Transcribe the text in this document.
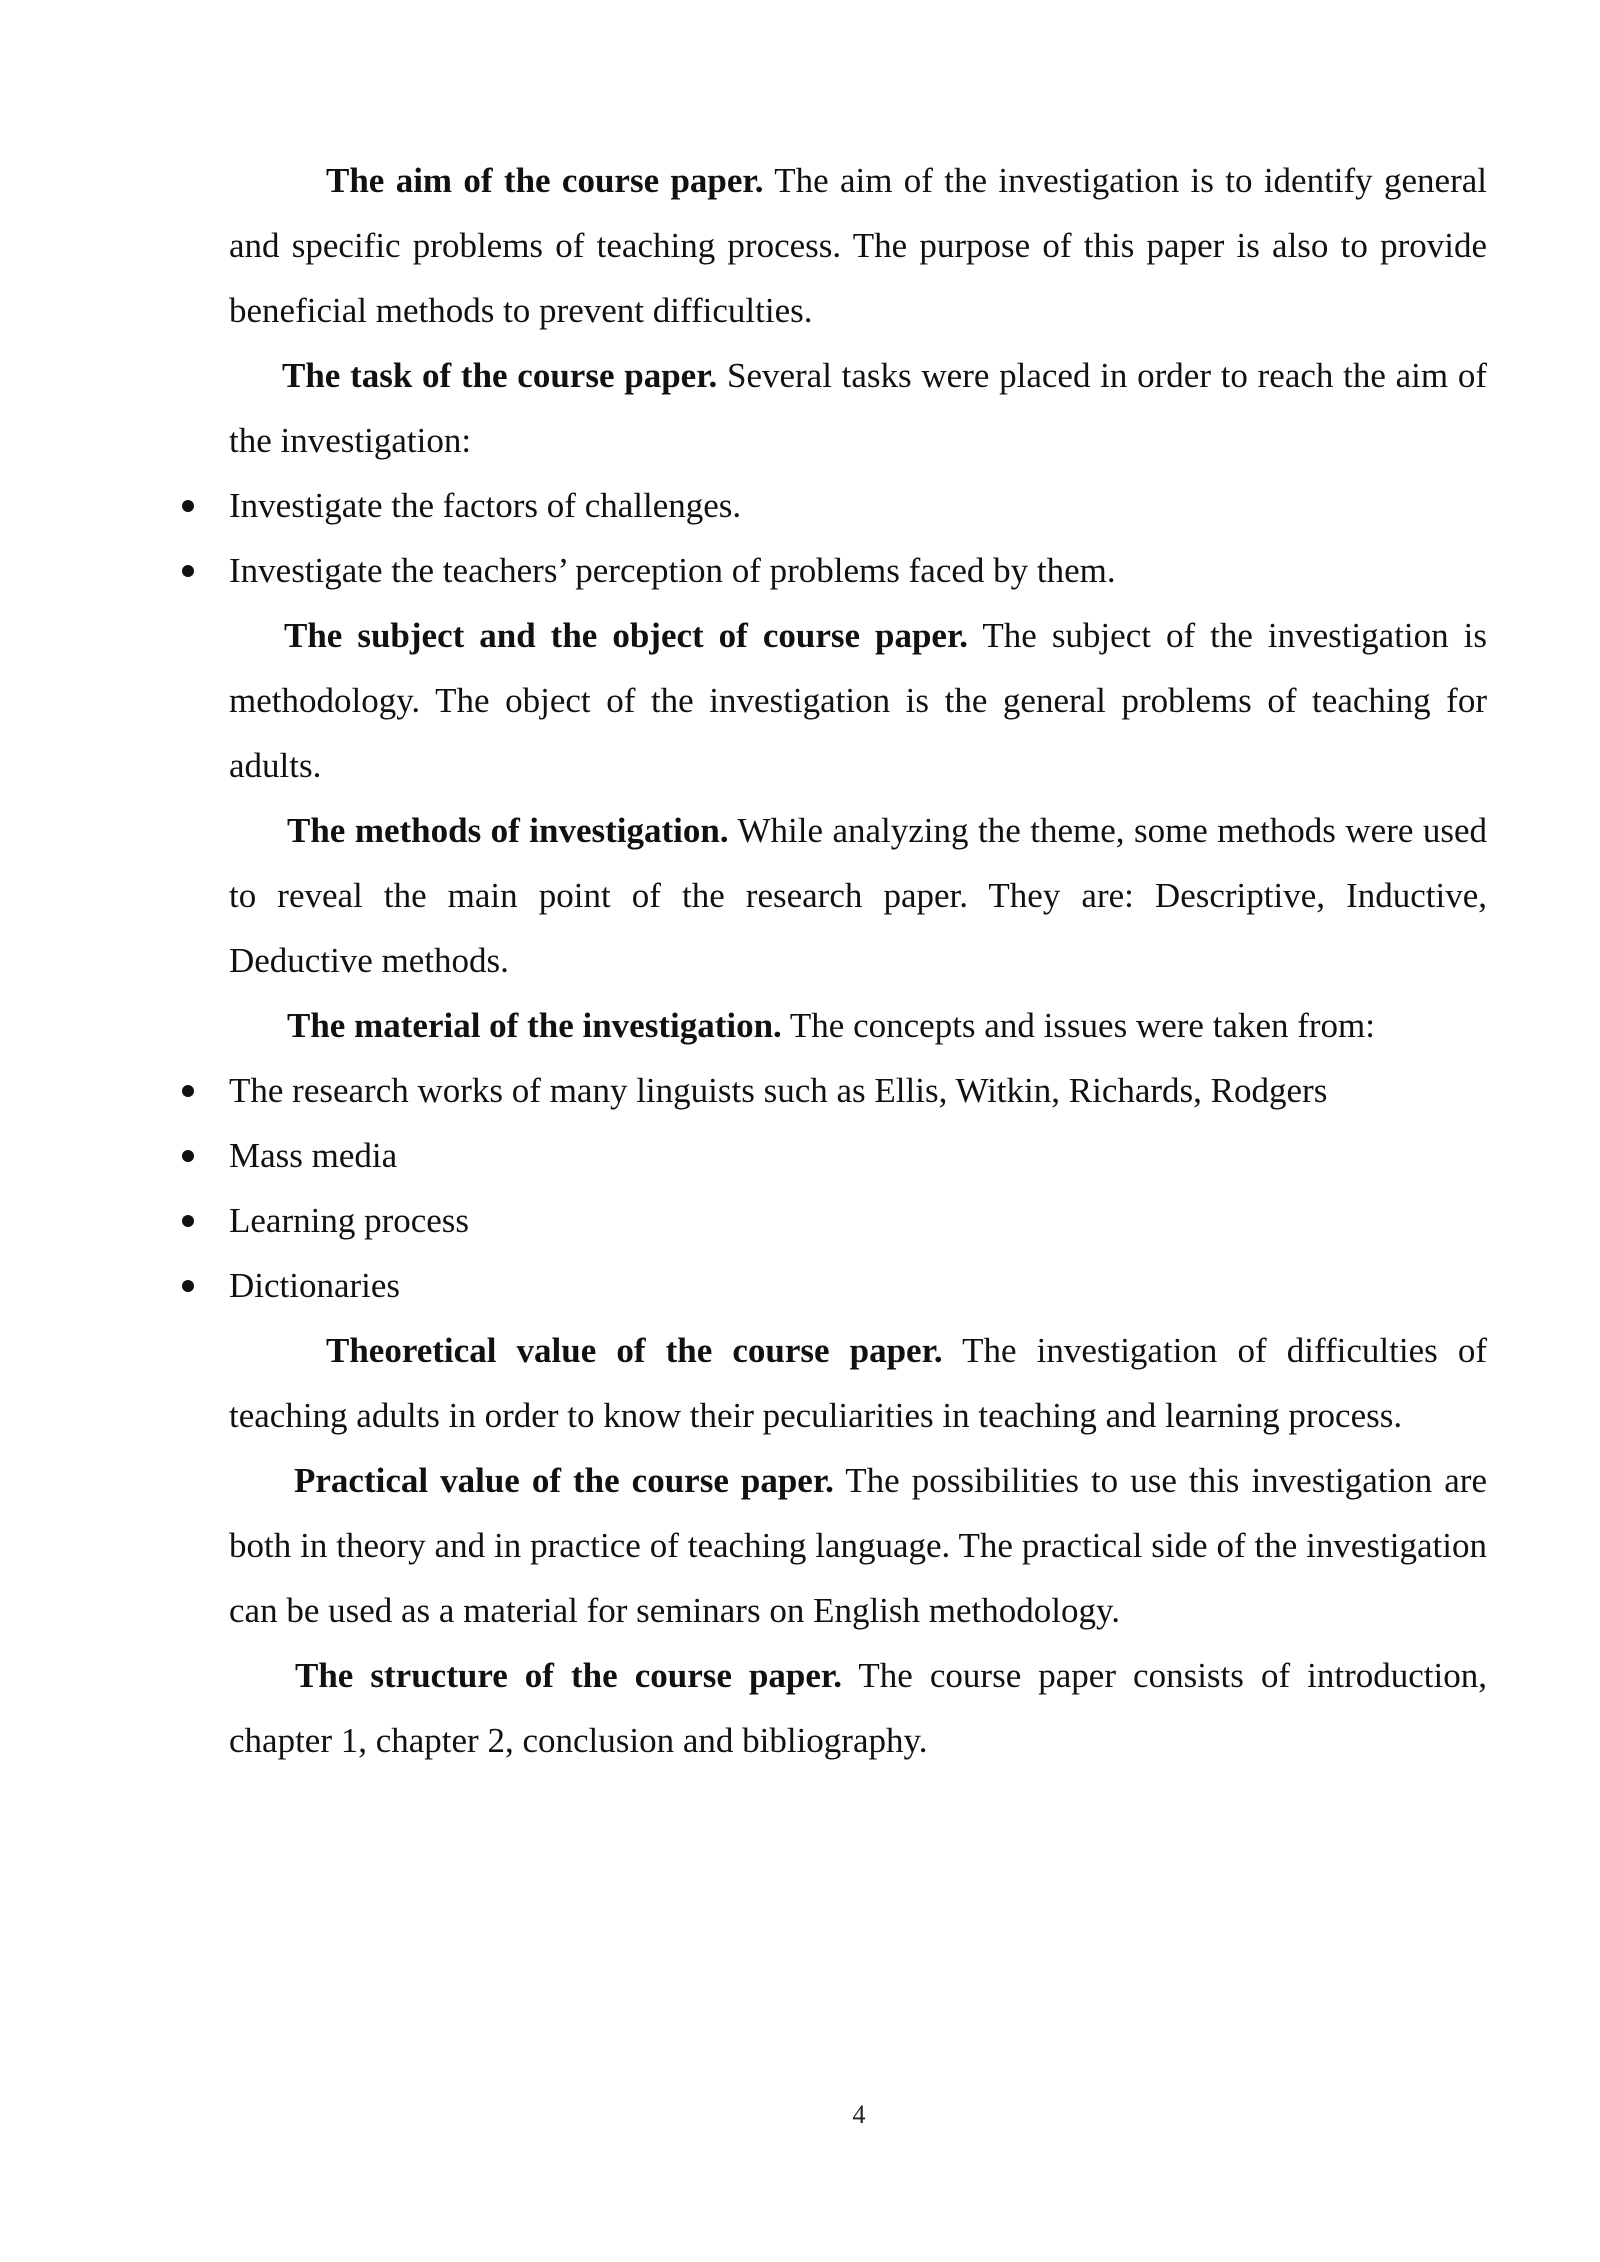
The aim of the course paper. The aim of the investigation is to identify general and specific problems of teaching process. The purpose of this paper is also to provide beneficial methods to prevent difficulties.

The task of the course paper. Several tasks were placed in order to reach the aim of the investigation:

Investigate the factors of challenges.
Investigate the teachers’ perception of problems faced by them.

The subject and the object of course paper. The subject of the investigation is methodology. The object of the investigation is the general problems of teaching for adults.

The methods of investigation. While analyzing the theme, some methods were used to reveal the main point of the research paper. They are: Descriptive, Inductive, Deductive methods.

The material of the investigation. The concepts and issues were taken from:

The research works of many linguists such as Ellis, Witkin, Richards, Rodgers
Mass media
Learning process
Dictionaries

Theoretical value of the course paper. The investigation of difficulties of teaching adults in order to know their peculiarities in teaching and learning process.

Practical value of the course paper. The possibilities to use this investigation are both in theory and in practice of teaching language. The practical side of the investigation can be used as a material for seminars on English methodology.

The structure of the course paper. The course paper consists of introduction, chapter 1, chapter 2, conclusion and bibliography.

4
